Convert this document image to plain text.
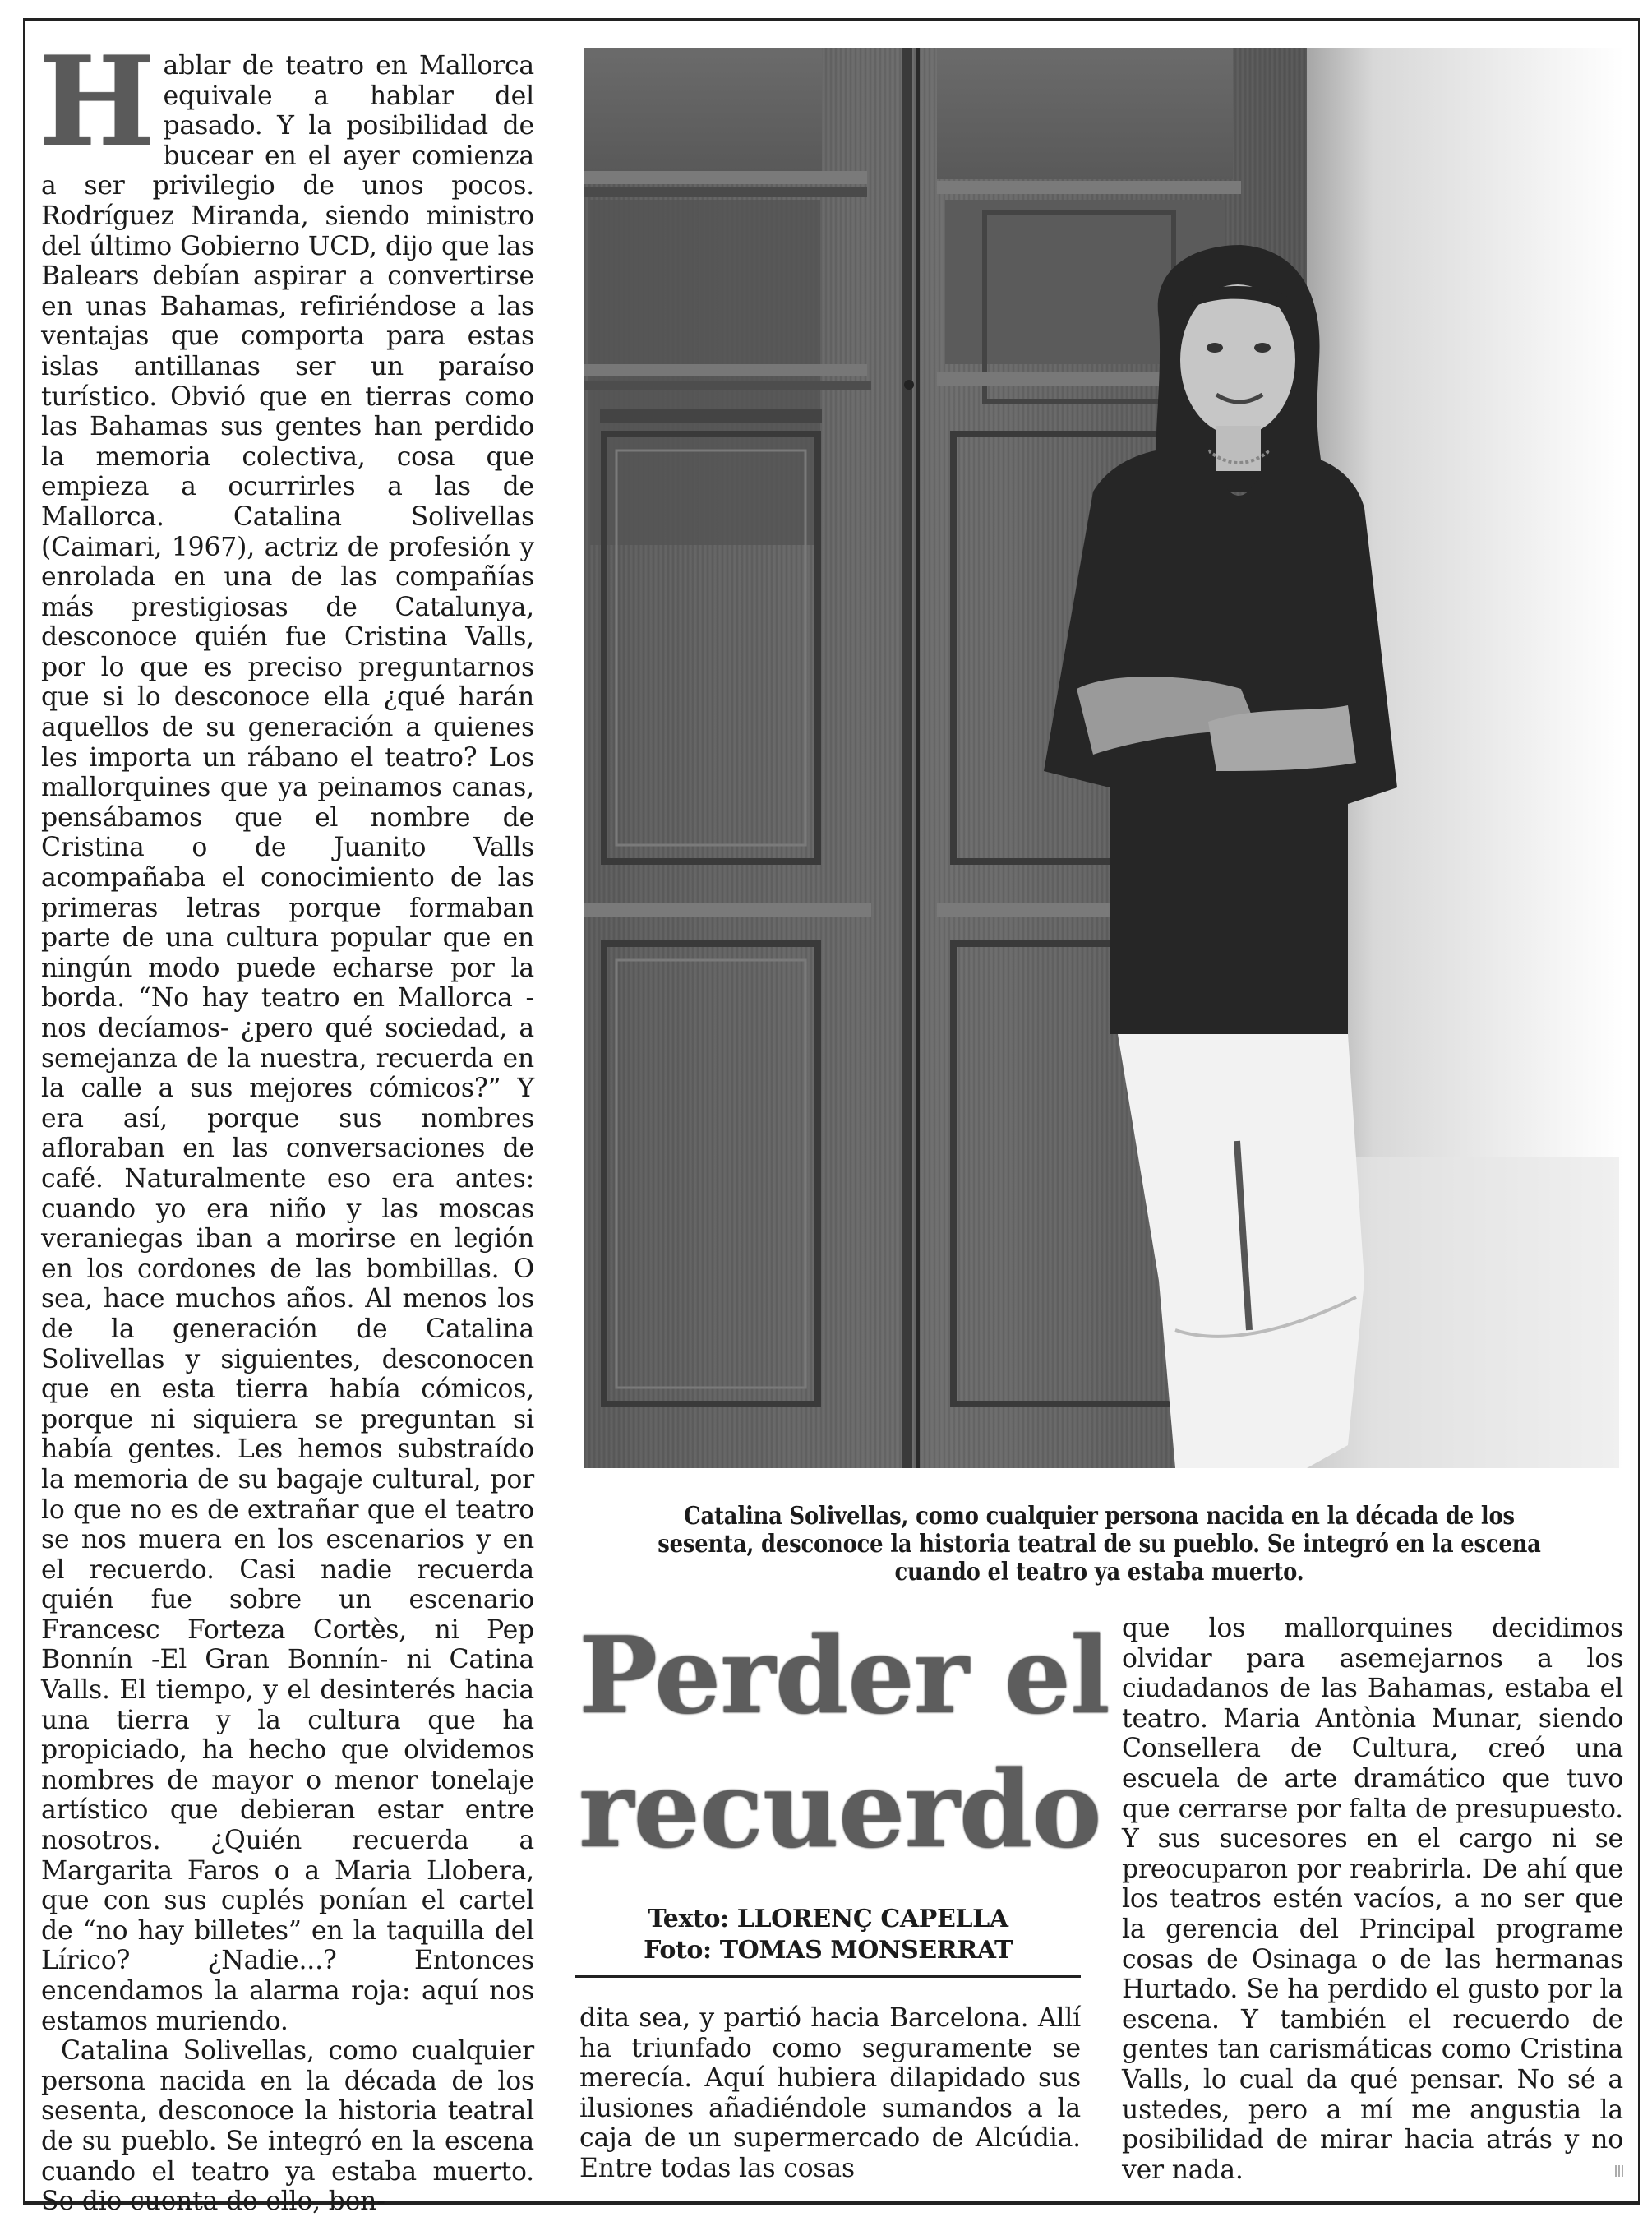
Hablar de teatro en Mallorca equivale a hablar del pasado. Y la posibilidad de bucear en el ayer comienza a ser privilegio de unos pocos. Rodríguez Miranda, siendo ministro del último Gobierno UCD, dijo que las Balears debían aspirar a convertirse en unas Bahamas, refiriéndose a las ventajas que comporta para estas islas antillanas ser un paraíso turístico. Obvió que en tierras como las Bahamas sus gentes han perdido la memoria colectiva, cosa que empieza a ocurrirles a las de Mallorca. Catalina Solivellas (Caimari, 1967), actriz de profesión y enrolada en una de las compañías más prestigiosas de Catalunya, desconoce quién fue Cristina Valls, por lo que es preciso preguntarnos que si lo desconoce ella ¿qué harán aquellos de su generación a quienes les importa un rábano el teatro? Los mallorquines que ya peinamos canas, pensábamos que el nombre de Cristina o de Juanito Valls acompañaba el conocimiento de las primeras letras porque formaban parte de una cultura popular que en ningún modo puede echarse por la borda. “No hay teatro en Mallorca - nos decíamos- ¿pero qué sociedad, a semejanza de la nuestra, recuerda en la calle a sus mejores cómicos?” Y era así, porque sus nombres afloraban en las conversaciones de café. Naturalmente eso era antes: cuando yo era niño y las moscas veraniegas iban a morirse en legión en los cordones de las bombillas. O sea, hace muchos años. Al menos los de la generación de Catalina Solivellas y siguientes, desconocen que en esta tierra había cómicos, porque ni siquiera se preguntan si había gentes. Les hemos substraído la memoria de su bagaje cultural, por lo que no es de extrañar que el teatro se nos muera en los escenarios y en el recuerdo. Casi nadie recuerda quién fue sobre un escenario Francesc Forteza Cortès, ni Pep Bonnín -El Gran Bonnín- ni Catina Valls. El tiempo, y el desinterés hacia una tierra y la cultura que ha propiciado, ha hecho que olvidemos nombres de mayor o menor tonelaje artístico que debieran estar entre nosotros. ¿Quién recuerda a Margarita Faros o a Maria Llobera, que con sus cuplés ponían el cartel de “no hay billetes” en la taquilla del Lírico? ¿Nadie...? Entonces encendamos la alarma roja: aquí nos estamos muriendo.

Catalina Solivellas, como cualquier persona nacida en la década de los sesenta, desconoce la historia teatral de su pueblo. Se integró en la escena cuando el teatro ya estaba muerto. Se dio cuenta de ello, ben-

Catalina Solivellas, como cualquier persona nacida en la década de los sesenta, desconoce la historia teatral de su pueblo. Se integró en la escena cuando el teatro ya estaba muerto.
Perder el
recuerdo
Texto: LLORENÇ CAPELLA
Foto: TOMAS MONSERRAT

dita sea, y partió hacia Barcelona. Allí ha triunfado como seguramente se merecía. Aquí hubiera dilapidado sus ilusiones añadiéndole sumandos a la caja de un supermercado de Alcúdia. Entre todas las cosas

que los mallorquines decidimos olvidar para asemejarnos a los ciudadanos de las Bahamas, estaba el teatro. Maria Antònia Munar, siendo Consellera de Cultura, creó una escuela de arte dramático que tuvo que cerrarse por falta de presupuesto. Y sus sucesores en el cargo ni se preocuparon por reabrirla. De ahí que los teatros estén vacíos, a no ser que la gerencia del Principal programe cosas de Osinaga o de las hermanas Hurtado. Se ha perdido el gusto por la escena. Y también el recuerdo de gentes tan carismáticas como Cristina Valls, lo cual da qué pensar. No sé a ustedes, pero a mí me angustia la posibilidad de mirar hacia atrás y no ver nada.
